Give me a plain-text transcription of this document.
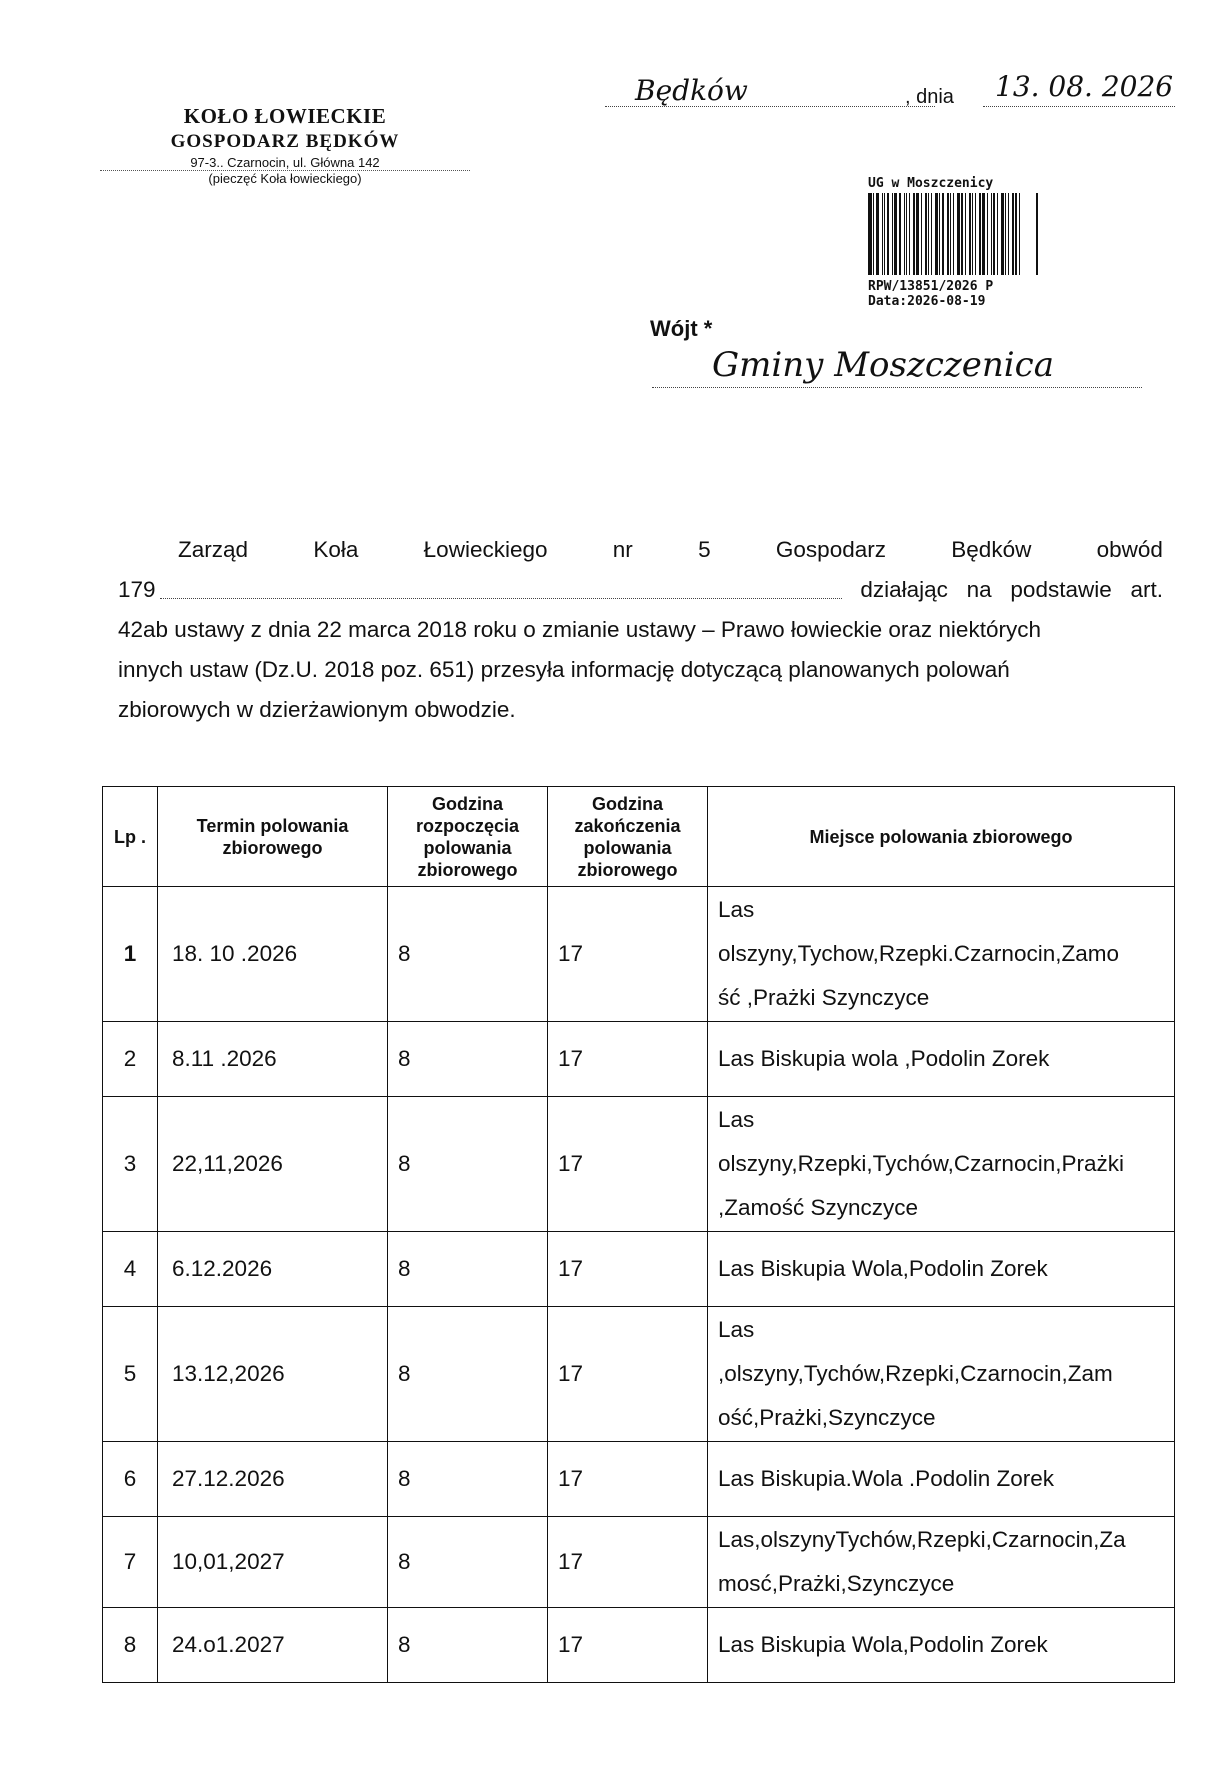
KOŁO ŁOWIECKIE
GOSPODARZ BĘDKÓW
97-3.. Czarnocin, ul. Główna 142
(pieczęć Koła łowieckiego)
Będków	, dnia	13. 08. 2026
UG w Moszczenicy
RPW/13851/2026 P
Data:2026-08-19
Wójt *
Gminy Moszczenica
Zarząd	Koła	Łowieckiego	nr	5	Gospodarz	Będków	obwód
179	działając   na   podstawie   art.
42ab ustawy z dnia 22 marca 2018 roku o zmianie ustawy – Prawo łowieckie oraz niektórych
innych ustaw (Dz.U. 2018 poz. 651) przesyła informację dotyczącą planowanych polowań
zbiorowych w dzierżawionym obwodzie.
Lp .	Termin polowania zbiorowego	Godzina rozpoczęcia polowania zbiorowego	Godzina zakończenia polowania zbiorowego	Miejsce polowania zbiorowego
1	18. 10 .2026	8	17	Las
olszyny,Tychow,Rzepki.Czarnocin,Zamo
ść ,Prażki Szynczyce

2	8.11 .2026	8	17	Las Biskupia wola ,Podolin Zorek

3	22,11,2026	8	17	Las
olszyny,Rzepki,Tychów,Czarnocin,Prażki
,Zamość Szynczyce

4	6.12.2026	8	17	Las Biskupia Wola,Podolin Zorek

5	13.12,2026	8	17	Las
,olszyny,Tychów,Rzepki,Czarnocin,Zam
ość,Prażki,Szynczyce

6	27.12.2026	8	17	Las Biskupia.Wola .Podolin Zorek

7	10,01,2027	8	17	Las,olszynyTychów,Rzepki,Czarnocin,Za
mosć,Prażki,Szynczyce

8	24.o1.2027	8	17	Las Biskupia Wola,Podolin Zorek
